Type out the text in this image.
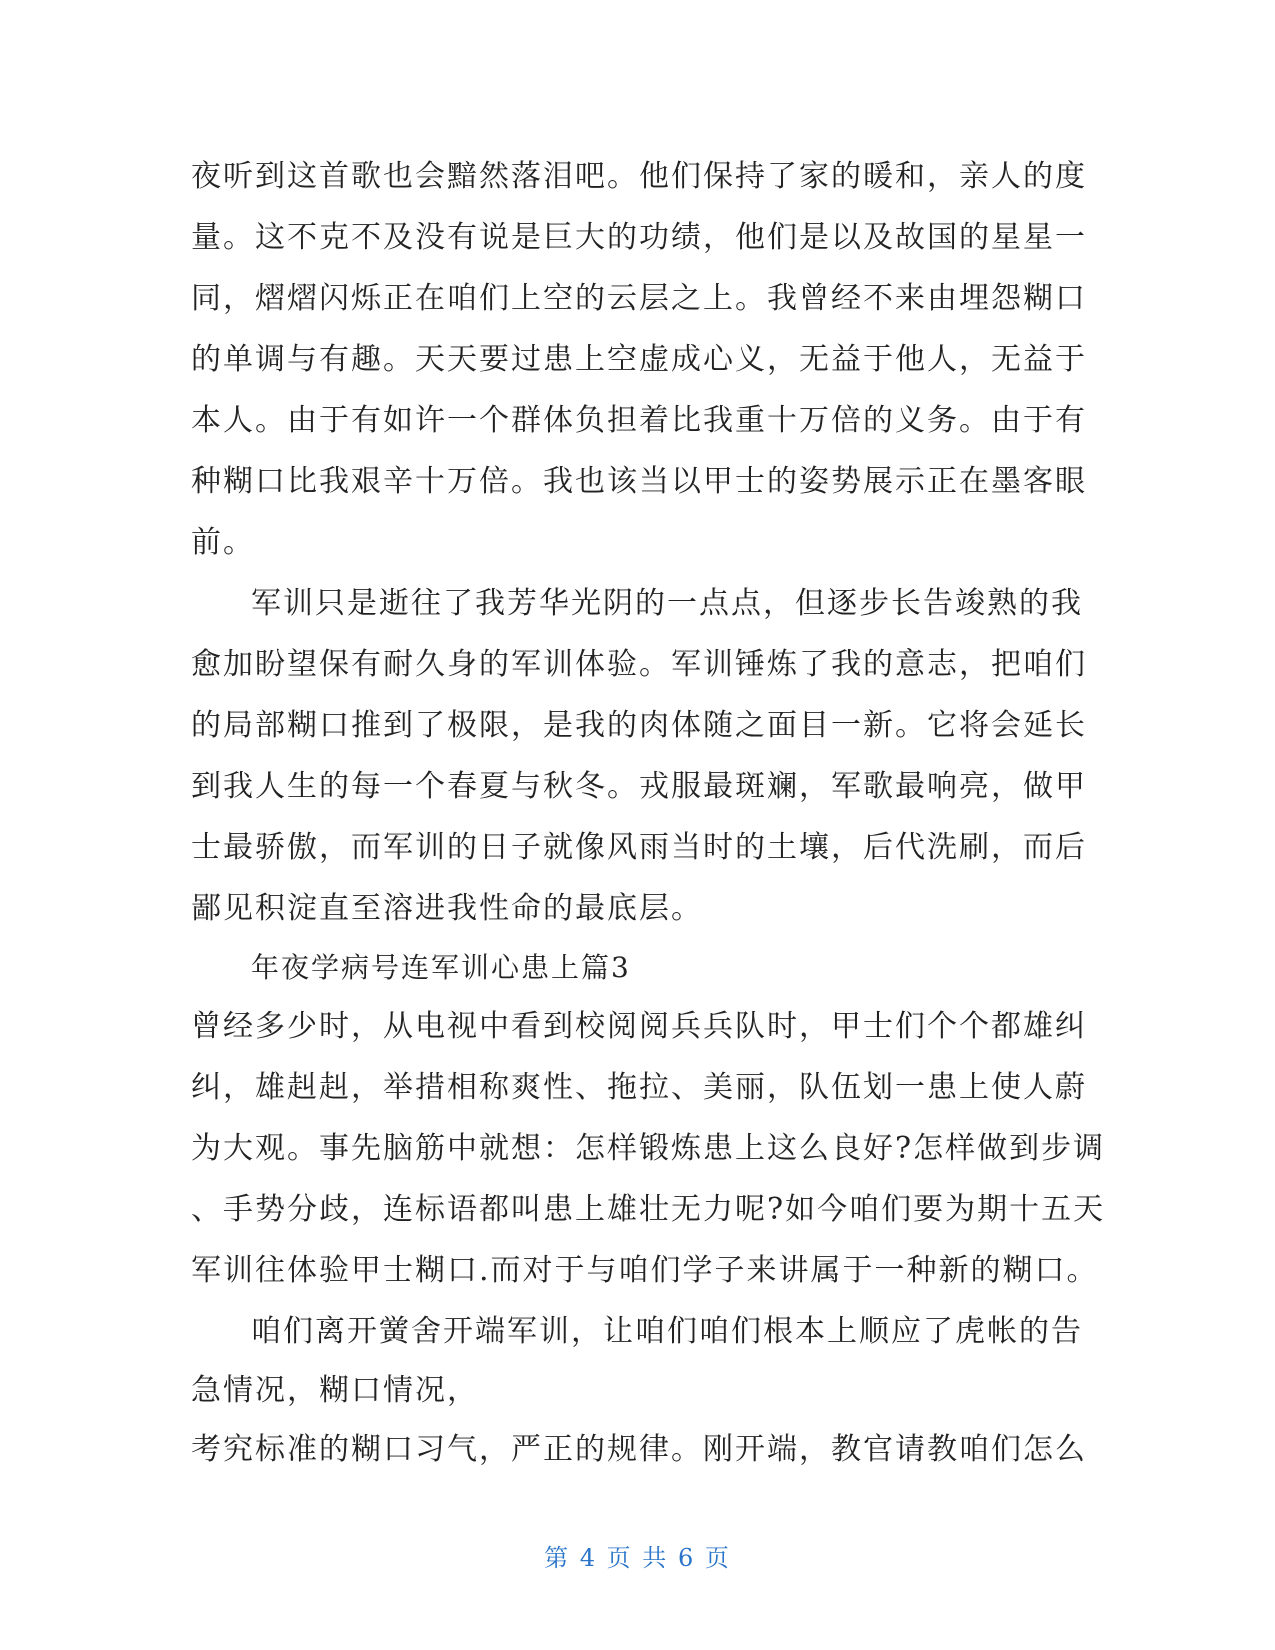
夜听到这首歌也会黯然落泪吧。他们保持了家的暖和，亲人的度
量。这不克不及没有说是巨大的功绩，他们是以及故国的星星一
同，熠熠闪烁正在咱们上空的云层之上。我曾经不来由埋怨糊口
的单调与有趣。天天要过患上空虚成心义，无益于他人，无益于
本人。由于有如许一个群体负担着比我重十万倍的义务。由于有
种糊口比我艰辛十万倍。我也该当以甲士的姿势展示正在墨客眼
前。
军训只是逝往了我芳华光阴的一点点，但逐步长告竣熟的我
愈加盼望保有耐久身的军训体验。军训锤炼了我的意志，把咱们
的局部糊口推到了极限，是我的肉体随之面目一新。它将会延长
到我人生的每一个春夏与秋冬。戎服最斑斓，军歌最响亮，做甲
士最骄傲，而军训的日子就像风雨当时的土壤，后代洗刷，而后
鄙见积淀直至溶进我性命的最底层。
年夜学病号连军训心患上篇3
曾经多少时，从电视中看到校阅阅兵兵队时，甲士们个个都雄纠
纠，雄赳赳，举措相称爽性、拖拉、美丽，队伍划一患上使人蔚
为大观。事先脑筋中就想：怎样锻炼患上这么良好?怎样做到步调
、手势分歧，连标语都叫患上雄壮无力呢?如今咱们要为期十五天
军训往体验甲士糊口.而对于与咱们学子来讲属于一种新的糊口。
咱们离开黉舍开端军训，让咱们咱们根本上顺应了虎帐的告
急情况，糊口情况，
考究标准的糊口习气，严正的规律。刚开端，教官请教咱们怎么
第 4 页 共 6 页
